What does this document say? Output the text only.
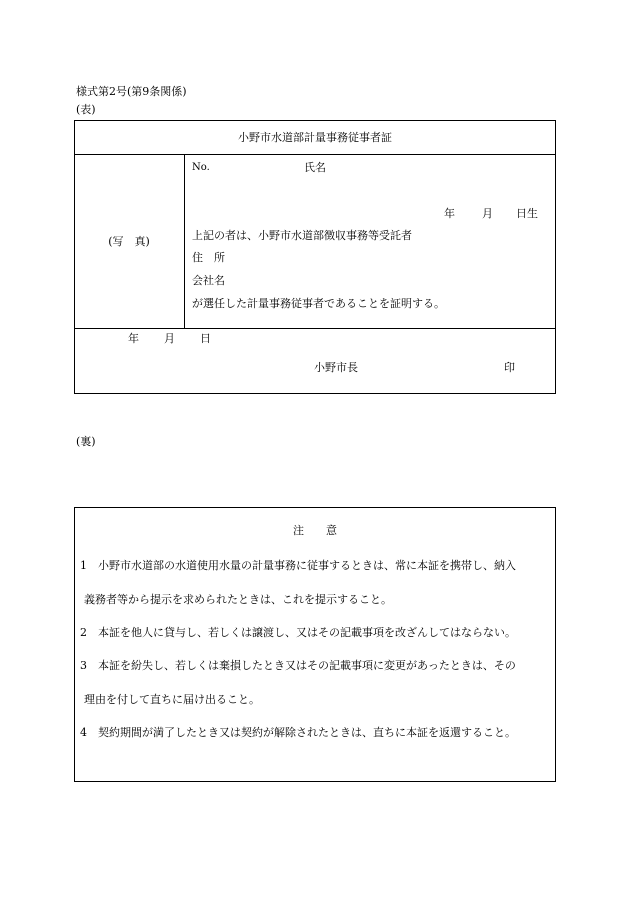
様式第2号(第9条関係)
(表)
小野市水道部計量事務従事者証
(写　真)
No.	氏名
年 月 日生
上記の者は、小野市水道部徴収事務等受託者
住　所
会社名
が選任した計量事務従事者であることを証明する。
年 月 日
小野市長	印
(裏)
注　　意
1　小野市水道部の水道使用水量の計量事務に従事するときは、常に本証を携帯し、納入
義務者等から提示を求められたときは、これを提示すること。
2　本証を他人に貸与し、若しくは譲渡し、又はその記載事項を改ざんしてはならない。
3　本証を紛失し、若しくは棄損したとき又はその記載事項に変更があったときは、その
理由を付して直ちに届け出ること。
4　契約期間が満了したとき又は契約が解除されたときは、直ちに本証を返還すること。
